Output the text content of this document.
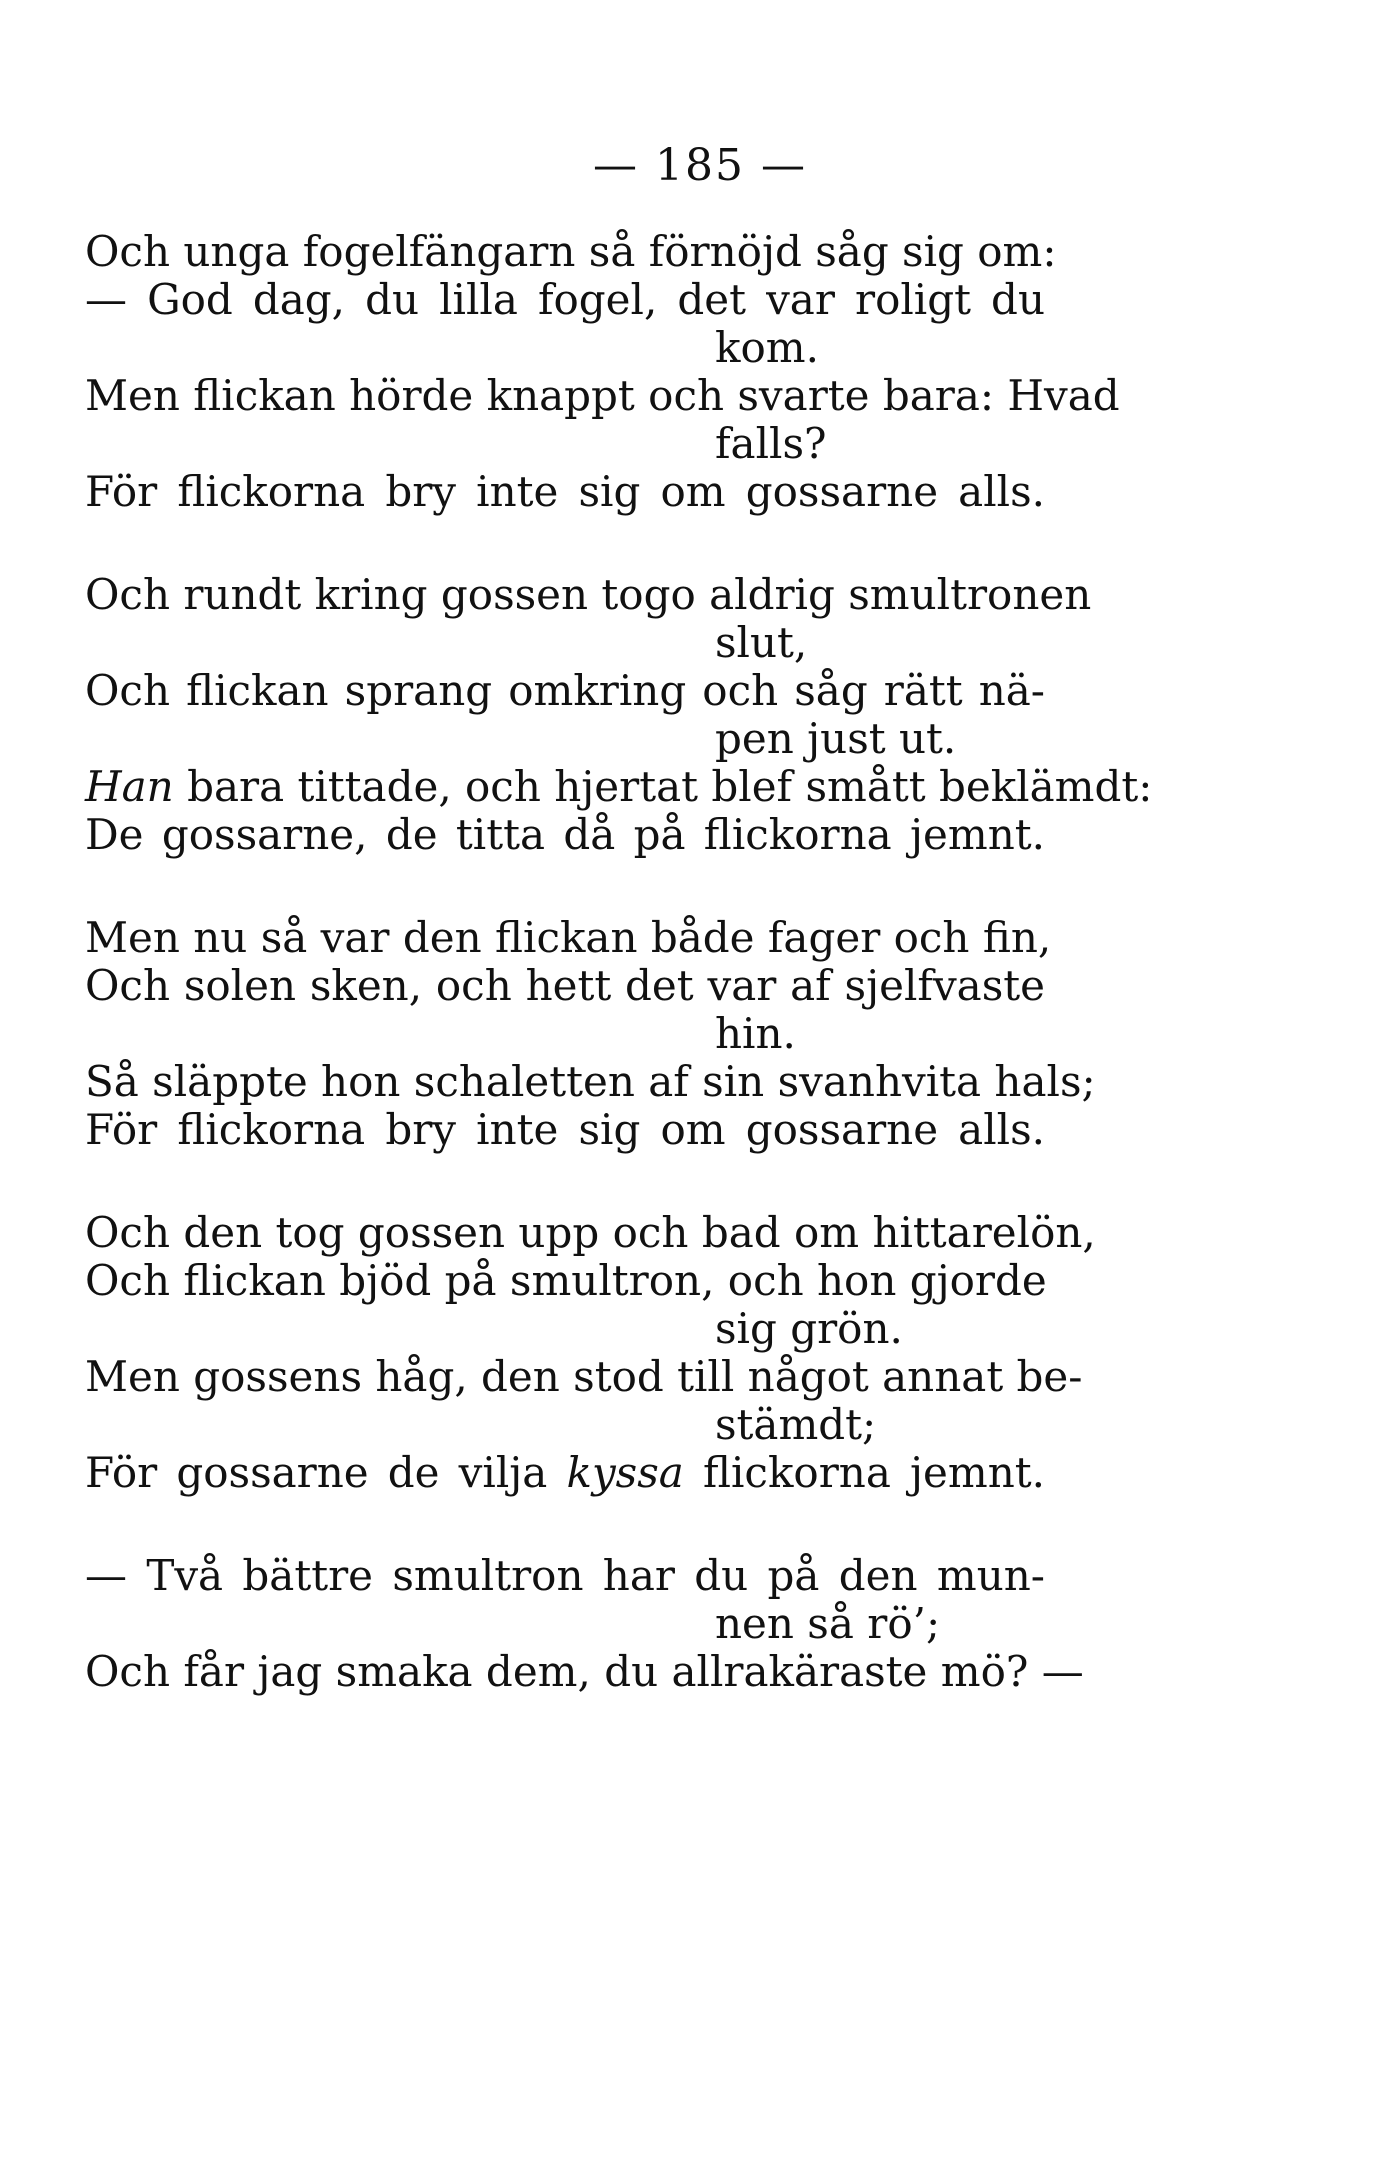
— 185 —
Och unga fogelfängarn så förnöjd såg sig om:
— God dag, du lilla fogel, det var roligt du
kom.
Men flickan hörde knappt och svarte bara: Hvad
falls?
För flickorna bry inte sig om gossarne alls.
Och rundt kring gossen togo aldrig smultronen
slut,
Och flickan sprang omkring och såg rätt nä-
pen just ut.
Han bara tittade, och hjertat blef smått beklämdt:
De gossarne, de titta då på flickorna jemnt.
Men nu så var den flickan både fager och fin,
Och solen sken, och hett det var af sjelfvaste
hin.
Så släppte hon schaletten af sin svanhvita hals;
För flickorna bry inte sig om gossarne alls.
Och den tog gossen upp och bad om hittarelön,
Och flickan bjöd på smultron, och hon gjorde
sig grön.
Men gossens håg, den stod till något annat be-
stämdt;
För gossarne de vilja kyssa flickorna jemnt.
— Två bättre smultron har du på den mun-
nen så rö’;
Och får jag smaka dem, du allrakäraste mö? —
